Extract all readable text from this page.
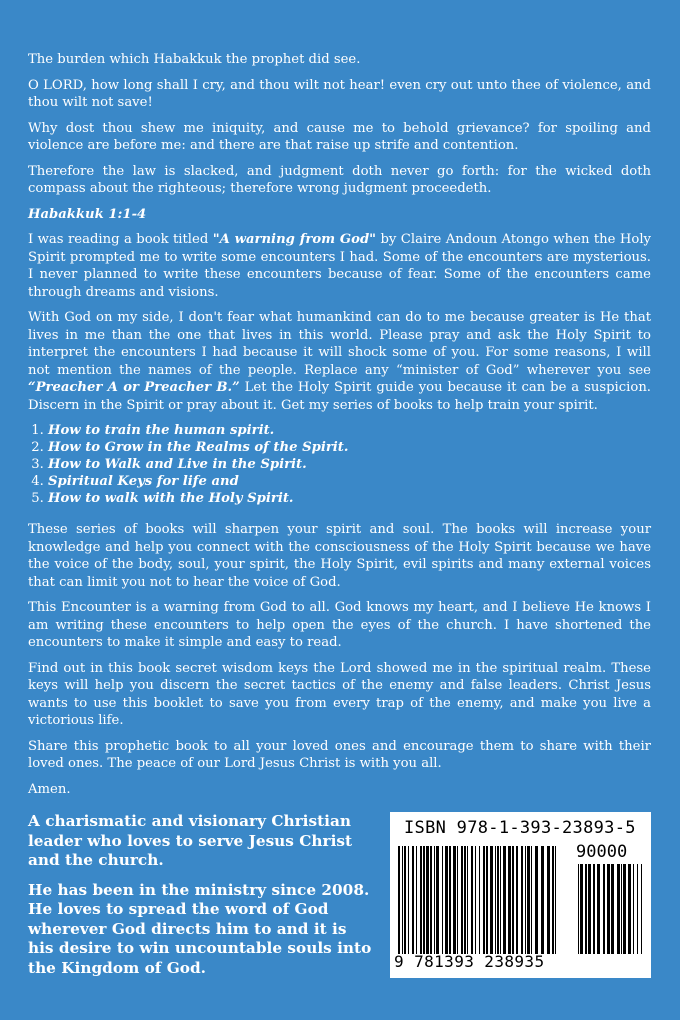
The burden which Habakkuk the prophet did see.

O LORD, how long shall I cry, and thou wilt not hear! even cry out unto thee of violence, and thou wilt not save!

Why dost thou shew me iniquity, and cause me to behold grievance? for spoiling and violence are before me: and there are that raise up strife and contention.

Therefore the law is slacked, and judgment doth never go forth: for the wicked doth compass about the righteous; therefore wrong judgment proceedeth.

Habakkuk 1:1-4

I was reading a book titled "A warning from God" by Claire Andoun Atongo when the Holy Spirit prompted me to write some encounters I had. Some of the encounters are mysterious. I never planned to write these encounters because of fear. Some of the encounters came through dreams and visions.

With God on my side, I don't fear what humankind can do to me because greater is He that lives in me than the one that lives in this world. Please pray and ask the Holy Spirit to interpret the encounters I had because it will shock some of you. For some reasons, I will not mention the names of the people. Replace any “minister of God” wherever you see “Preacher A or Preacher B.” Let the Holy Spirit guide you because it can be a suspicion. Discern in the Spirit or pray about it. Get my series of books to help train your spirit.

1. How to train the human spirit.
2. How to Grow in the Realms of the Spirit.
3. How to Walk and Live in the Spirit.
4. Spiritual Keys for life and
5. How to walk with the Holy Spirit.

These series of books will sharpen your spirit and soul. The books will increase your knowledge and help you connect with the consciousness of the Holy Spirit because we have the voice of the body, soul, your spirit, the Holy Spirit, evil spirits and many external voices that can limit you not to hear the voice of God.

This Encounter is a warning from God to all. God knows my heart, and I believe He knows I am writing these encounters to help open the eyes of the church. I have shortened the encounters to make it simple and easy to read.

Find out in this book secret wisdom keys the Lord showed me in the spiritual realm. These keys will help you discern the secret tactics of the enemy and false leaders. Christ Jesus wants to use this booklet to save you from every trap of the enemy, and make you live a victorious life.

Share this prophetic book to all your loved ones and encourage them to share with their loved ones. The peace of our Lord Jesus Christ is with you all.

Amen.

A charismatic and visionary Christian leader who loves to serve Jesus Christ and the church.

He has been in the ministry since 2008. He loves to spread the word of God wherever God directs him to and it is his desire to win uncountable souls into the Kingdom of God.

ISBN 978-1-393-23893-5
90000
9 781393 238935
